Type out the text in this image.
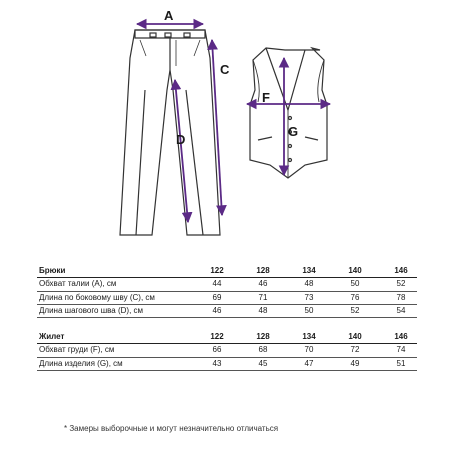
A
C
D
F
G
Брюки	122		128		134		140		146
Обхват талии (A), см	44		46		48		50		52
Длина по боковому шву (C), см	69		71		73		76		78
Длина шагового шва (D), см	46		48		50		52		54
Жилет	122		128		134		140		146
Обхват груди (F), см	66		68		70		72		74
Длина изделия (G), см	43		45		47		49		51
* Замеры выборочные и могут незначительно отличаться
